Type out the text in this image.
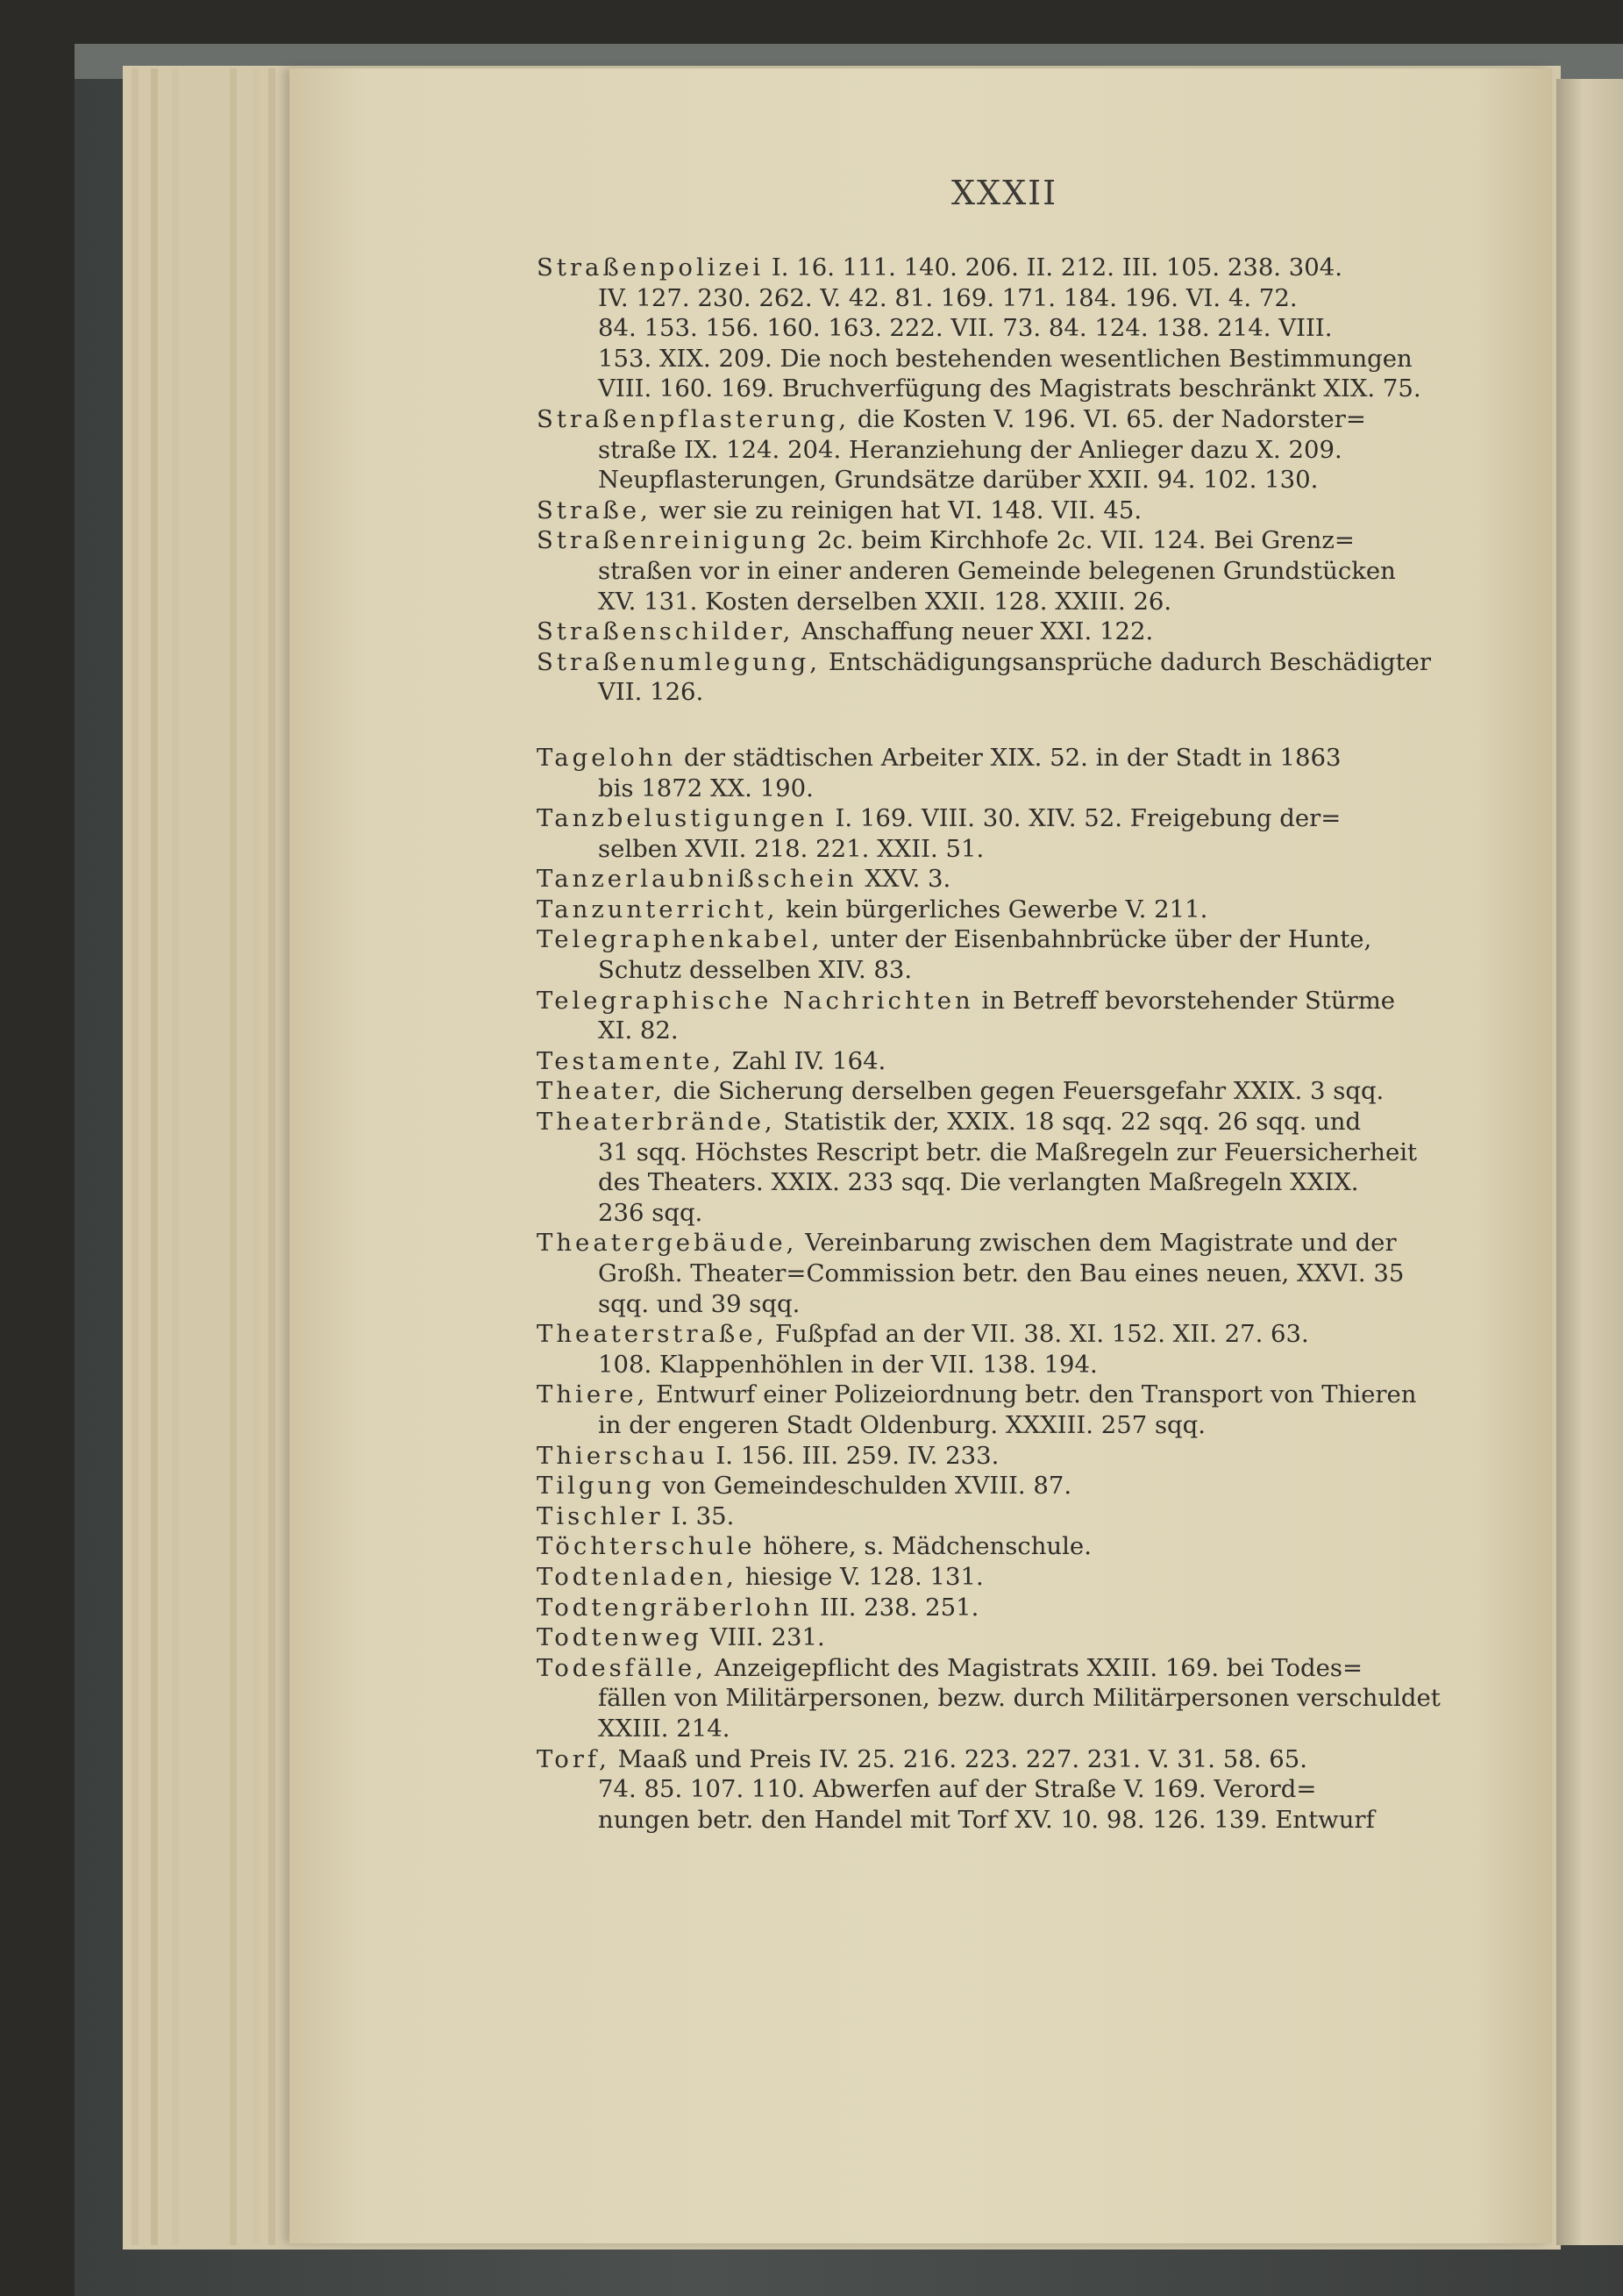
XXXII
Straßenpolizei I. 16. 111. 140. 206. II. 212. III. 105. 238. 304.
IV. 127. 230. 262. V. 42. 81. 169. 171. 184. 196. VI. 4. 72.
84. 153. 156. 160. 163. 222. VII. 73. 84. 124. 138. 214. VIII.
153. XIX. 209. Die noch bestehenden wesentlichen Bestimmungen
VIII. 160. 169. Bruchverfügung des Magistrats beschränkt XIX. 75.
Straßenpflasterung, die Kosten V. 196. VI. 65. der Nadorster=
straße IX. 124. 204. Heranziehung der Anlieger dazu X. 209.
Neupflasterungen, Grundsätze darüber XXII. 94. 102. 130.
Straße, wer sie zu reinigen hat VI. 148. VII. 45.
Straßenreinigung 2c. beim Kirchhofe 2c. VII. 124. Bei Grenz=
straßen vor in einer anderen Gemeinde belegenen Grundstücken
XV. 131. Kosten derselben XXII. 128. XXIII. 26.
Straßenschilder, Anschaffung neuer XXI. 122.
Straßenumlegung, Entschädigungsansprüche dadurch Beschädigter
VII. 126.
Tagelohn der städtischen Arbeiter XIX. 52. in der Stadt in 1863
bis 1872 XX. 190.
Tanzbelustigungen I. 169. VIII. 30. XIV. 52. Freigebung der=
selben XVII. 218. 221. XXII. 51.
Tanzerlaubnißschein XXV. 3.
Tanzunterricht, kein bürgerliches Gewerbe V. 211.
Telegraphenkabel, unter der Eisenbahnbrücke über der Hunte,
Schutz desselben XIV. 83.
Telegraphische Nachrichten in Betreff bevorstehender Stürme
XI. 82.
Testamente, Zahl IV. 164.
Theater, die Sicherung derselben gegen Feuersgefahr XXIX. 3 sqq.
Theaterbrände, Statistik der, XXIX. 18 sqq. 22 sqq. 26 sqq. und
31 sqq. Höchstes Rescript betr. die Maßregeln zur Feuersicherheit
des Theaters. XXIX. 233 sqq. Die verlangten Maßregeln XXIX.
236 sqq.
Theatergebäude, Vereinbarung zwischen dem Magistrate und der
Großh. Theater=Commission betr. den Bau eines neuen, XXVI. 35
sqq. und 39 sqq.
Theaterstraße, Fußpfad an der VII. 38. XI. 152. XII. 27. 63.
108. Klappenhöhlen in der VII. 138. 194.
Thiere, Entwurf einer Polizeiordnung betr. den Transport von Thieren
in der engeren Stadt Oldenburg. XXXIII. 257 sqq.
Thierschau I. 156. III. 259. IV. 233.
Tilgung von Gemeindeschulden XVIII. 87.
Tischler I. 35.
Töchterschule höhere, s. Mädchenschule.
Todtenladen, hiesige V. 128. 131.
Todtengräberlohn III. 238. 251.
Todtenweg VIII. 231.
Todesfälle, Anzeigepflicht des Magistrats XXIII. 169. bei Todes=
fällen von Militärpersonen, bezw. durch Militärpersonen verschuldet
XXIII. 214.
Torf, Maaß und Preis IV. 25. 216. 223. 227. 231. V. 31. 58. 65.
74. 85. 107. 110. Abwerfen auf der Straße V. 169. Verord=
nungen betr. den Handel mit Torf XV. 10. 98. 126. 139. Entwurf
